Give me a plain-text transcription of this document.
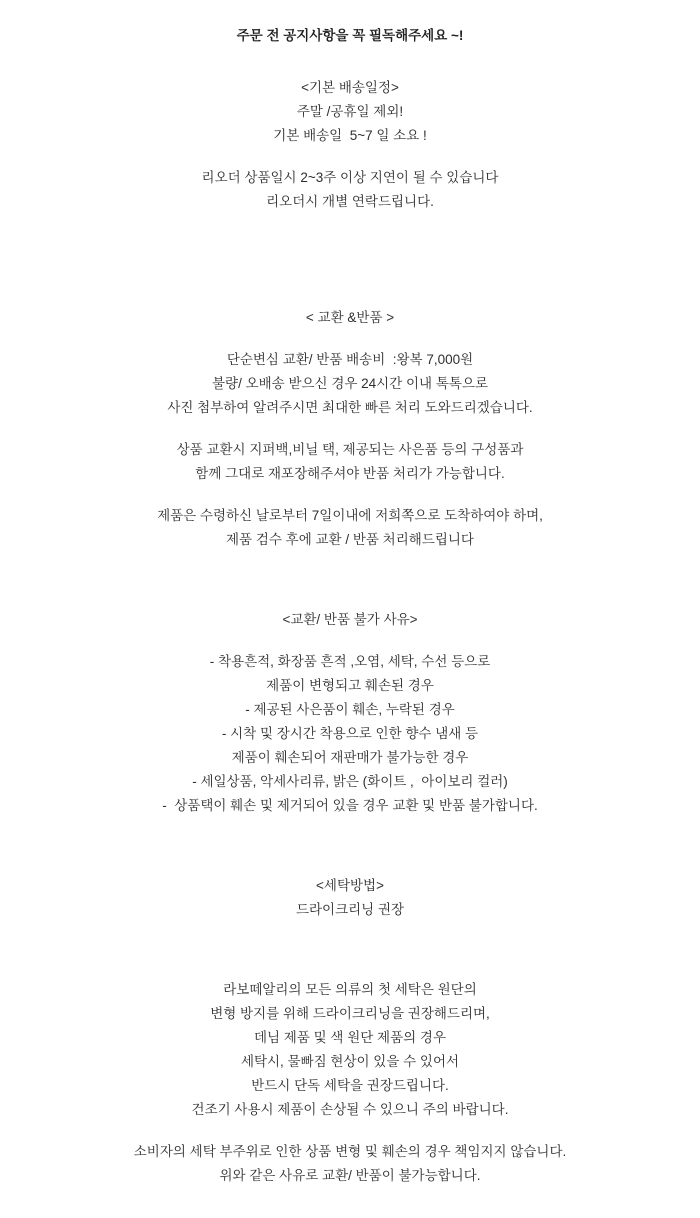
주문 전 공지사항을 꼭 필독해주세요 ~!
<기본 배송일정>
주말 /공휴일 제외!
기본 배송일  5~7 일 소요 !
리오더 상품일시 2~3주 이상 지연이 될 수 있습니다
리오더시 개별 연락드립니다.
< 교환 &반품 >
단순변심 교환/ 반품 배송비  :왕복 7,000원
불량/ 오배송 받으신 경우 24시간 이내 톡톡으로
사진 첨부하여 알려주시면 최대한 빠른 처리 도와드리겠습니다.
상품 교환시 지퍼백,비닐 택, 제공되는 사은품 등의 구성품과
함께 그대로 재포장해주셔야 반품 처리가 가능합니다.
제품은 수령하신 날로부터 7일이내에 저희쪽으로 도착하여야 하며,
제품 검수 후에 교환 / 반품 처리해드립니다
<교환/ 반품 불가 사유>
- 착용흔적, 화장품 흔적 ,오염, 세탁, 수선 등으로
제품이 변형되고 훼손된 경우
- 제공된 사은품이 훼손, 누락된 경우
- 시착 및 장시간 착용으로 인한 향수 냄새 등
제품이 훼손되어 재판매가 불가능한 경우
- 세일상품, 악세사리류, 밝은 (화이트 ,  아이보리 컬러)
-  상품택이 훼손 및 제거되어 있을 경우 교환 및 반품 불가합니다.
<세탁방법>
드라이크리닝 권장
라보떼알리의 모든 의류의 첫 세탁은 원단의
변형 방지를 위해 드라이크리닝을 권장해드리며,
데님 제품 및 색 원단 제품의 경우
세탁시, 물빠짐 현상이 있을 수 있어서
반드시 단독 세탁을 권장드립니다.
건조기 사용시 제품이 손상될 수 있으니 주의 바랍니다.
소비자의 세탁 부주위로 인한 상품 변형 및 훼손의 경우 책임지지 않습니다.
위와 같은 사유로 교환/ 반품이 불가능합니다.
